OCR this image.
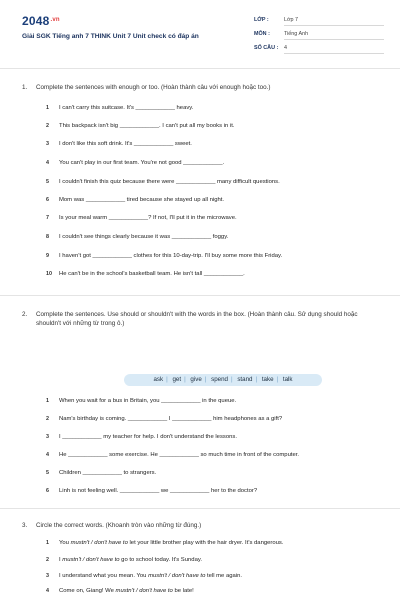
$2048^{.vn}$
Giải SGK Tiếng anh 7 THINK Unit 7 Unit check có đáp án
LỚP :	Lớp 7
MÔN :	Tiếng Anh
SỐ CÂU :	4
1. Complete the sentences with enough or too. (Hoàn thành câu với enough hoặc too.)
1 I can't carry this suitcase. It's ____________ heavy.
2 This backpack isn't big ____________. I can't put all my books in it.
3 I don't like this soft drink. It's ____________ sweet.
4 You can't play in our first team. You're not good ____________.
5 I couldn't finish this quiz because there were ____________ many difficult questions.
6 Mom was ____________ tired because she stayed up all night.
7 Is your meal warm ____________? If not, I'll put it in the microwave.
8 I couldn't see things clearly because it was ____________ foggy.
9 I haven't got ____________ clothes for this 10-day-trip. I'll buy some more this Friday.
10 He can't be in the school's basketball team. He isn't tall ____________.
2. Complete the sentences. Use should or shouldn't with the words in the box. (Hoàn thành câu. Sử dụng should hoặc shouldn't với những từ trong ô.)
ask | get | give | spend | stand | take | talk
1 When you wait for a bus in Britain, you ____________ in the queue.
2 Nam's birthday is coming. ____________ I ____________ him headphones as a gift?
3 I ____________ my teacher for help. I don't understand the lessons.
4 He ____________ some exercise. He ____________ so much time in front of the computer.
5 Children ____________ to strangers.
6 Linh is not feeling well. ____________ we ____________ her to the doctor?
3. Circle the correct words. (Khoanh tròn vào những từ đúng.)
1 You mustn't / don't have to let your little brother play with the hair dryer. It's dangerous.
2 I mustn't / don't have to go to school today. It's Sunday.
3 I understand what you mean. You mustn't / don't have to tell me again.
4 Come on, Giang! We mustn't / don't have to be late!
